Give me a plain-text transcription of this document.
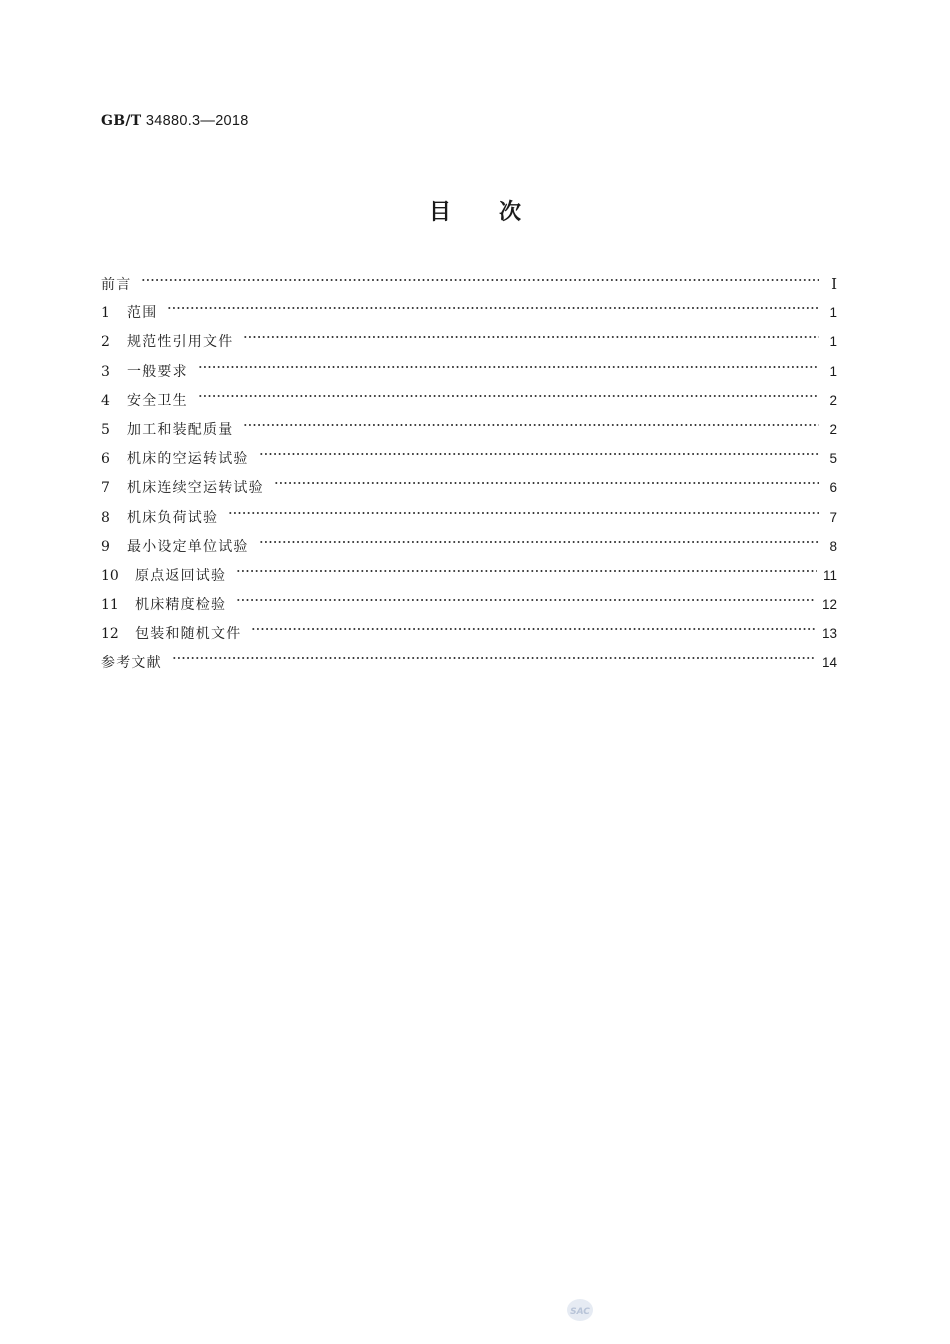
GB/T 34880.3—2018
目次
前言	Ⅰ
1	范围	1
2	规范性引用文件	1
3	一般要求	1
4	安全卫生	2
5	加工和装配质量	2
6	机床的空运转试验	5
7	机床连续空运转试验	6
8	机床负荷试验	7
9	最小设定单位试验	8
10	原点返回试验	11
11	机床精度检验	12
12	包装和随机文件	13
参考文献	14
SAC
